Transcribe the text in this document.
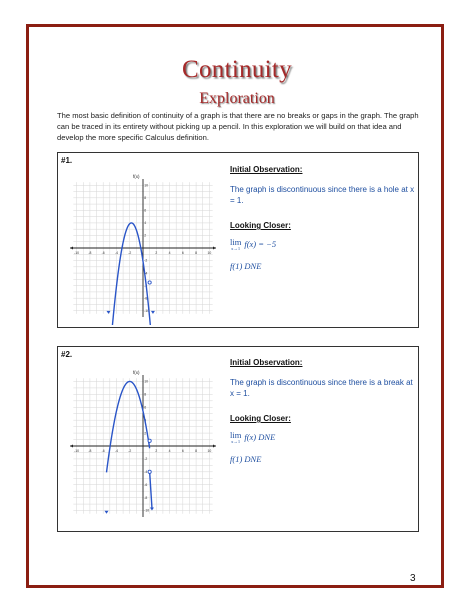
Continuity
Exploration
The most basic definition of continuity of a graph is that there are no breaks or gaps in the graph. The graph can be traced in its entirety without picking up a pencil. In this exploration we will build on that idea and develop the more specific Calculus definition.
#1.
f(x)
-10	-8	-6	-4	-2	2	4	6	8	10
10
8
6
4
2
-2
-4
-6
-8
-10
Initial Observation:
The graph is discontinuous since there is a hole at x = 1.
Looking Closer:
lim
x→1 f(x) = −5
f(1) DNE
#2.
f(x)
-10	-8	-6	-4	-2	2	4	6	8	10
10
8
6
4
2
-2
-4
-6
-8
-10
Initial Observation:
The graph is discontinuous since there is a break at x = 1.
Looking Closer:
lim
x→1 f(x) DNE
f(1) DNE
3
